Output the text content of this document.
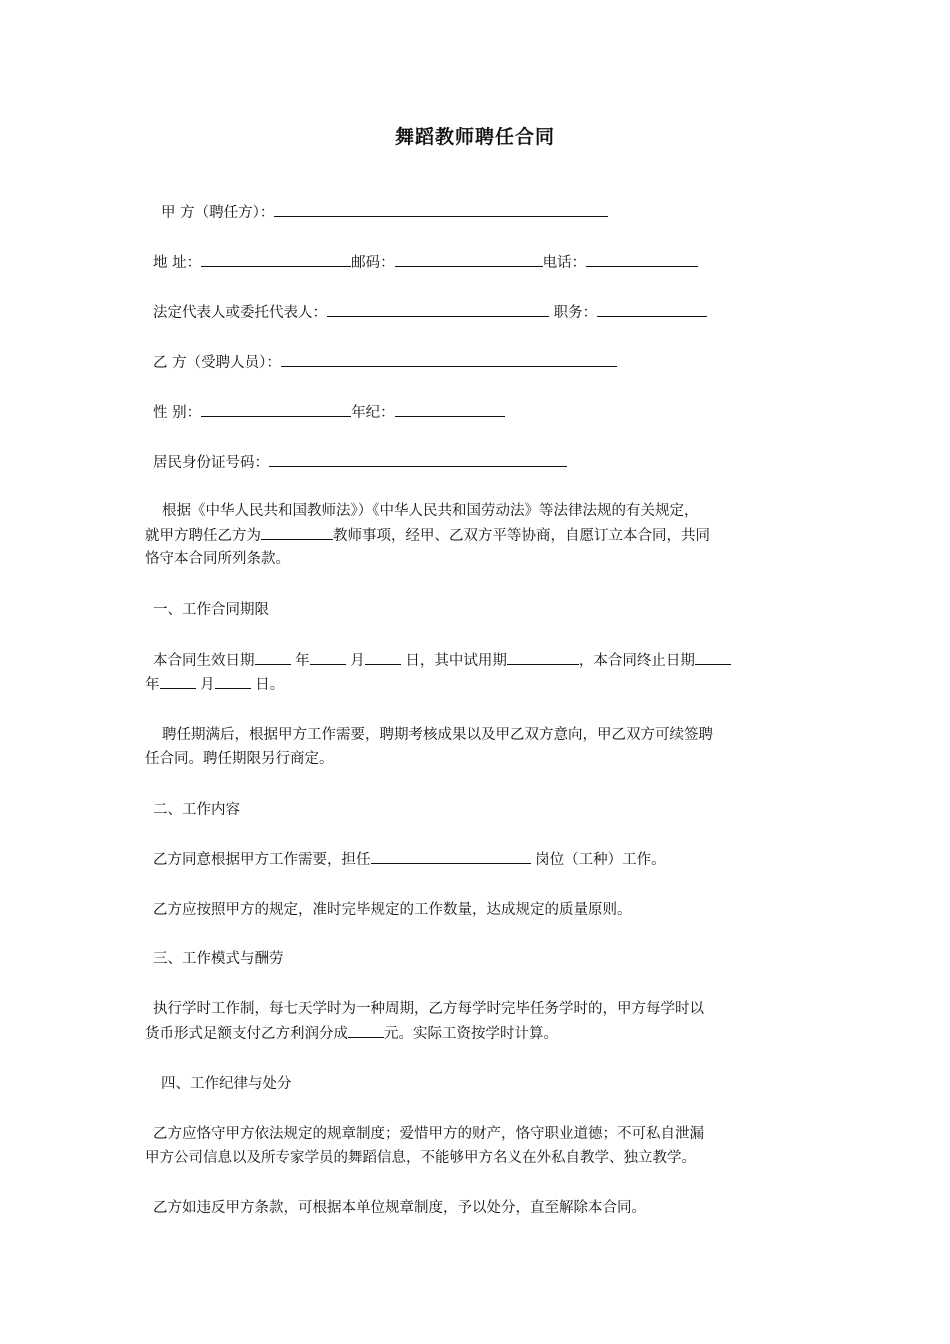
舞蹈教师聘任合同
甲 方（聘任方）：
地 址：	邮码：	电话：
法定代表人或委托代表人：	职务：
乙 方（受聘人员）：
性 别：	年纪：
居民身份证号码：
根据《中华人民共和国教师法》）《中华人民共和国劳动法》等法律法规的有关规定，
就甲方聘任乙方为	教师事项，经甲、乙双方平等协商，自愿订立本合同，共同
恪守本合同所列条款。
一、工作合同期限
本合同生效日期	年	月	日，其中试用期	，本合同终止日期
年	月	日。
聘任期满后，根据甲方工作需要，聘期考核成果以及甲乙双方意向，甲乙双方可续签聘
任合同。聘任期限另行商定。
二、工作内容
乙方同意根据甲方工作需要，担任	岗位（工种）工作。
乙方应按照甲方的规定，准时完毕规定的工作数量，达成规定的质量原则。
三、工作模式与酬劳
执行学时工作制，每七天学时为一种周期，乙方每学时完毕任务学时的，甲方每学时以
货币形式足额支付乙方利润分成 元。实际工资按学时计算。
四、工作纪律与处分
乙方应恪守甲方依法规定的规章制度；爱惜甲方的财产，恪守职业道德；不可私自泄漏
甲方公司信息以及所专家学员的舞蹈信息，不能够甲方名义在外私自教学、独立教学。
乙方如违反甲方条款，可根据本单位规章制度，予以处分，直至解除本合同。
